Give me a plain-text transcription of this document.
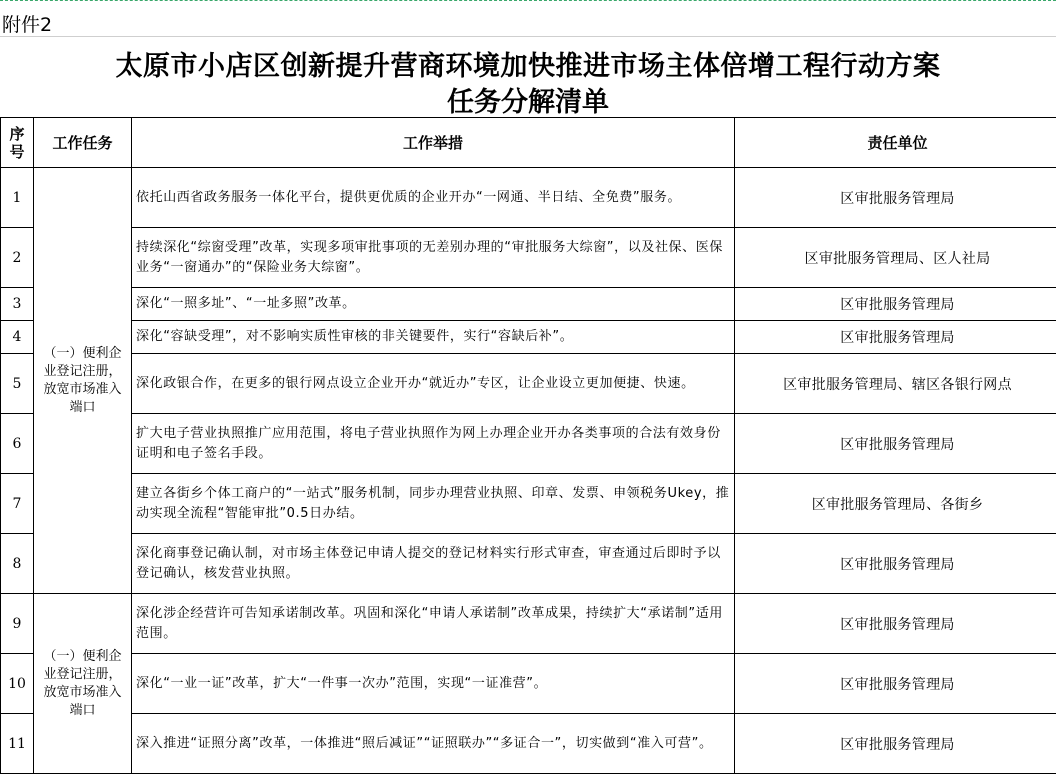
附件2
太原市小店区创新提升营商环境加快推进市场主体倍增工程行动方案
任务分解清单
序
号	工作任务	工作举措	责任单位
1	（一）便利企业登记注册，放宽市场准入端口	依托山西省政务服务一体化平台，提供更优质的企业开办“一网通、半日结、全免费”服务。	区审批服务管理局
2		持续深化“综窗受理”改革，实现多项审批事项的无差别办理的“审批服务大综窗”，以及社保、医保业务“一窗通办”的“保险业务大综窗”。	区审批服务管理局、区人社局
3		深化“一照多址”、“一址多照”改革。	区审批服务管理局
4		深化“容缺受理”，对不影响实质性审核的非关键要件，实行“容缺后补”。	区审批服务管理局
5		深化政银合作，在更多的银行网点设立企业开办“就近办”专区，让企业设立更加便捷、快速。	区审批服务管理局、辖区各银行网点
6		扩大电子营业执照推广应用范围，将电子营业执照作为网上办理企业开办各类事项的合法有效身份证明和电子签名手段。	区审批服务管理局
7		建立各街乡个体工商户的“一站式”服务机制，同步办理营业执照、印章、发票、申领税务Ukey，推动实现全流程“智能审批”0.5日办结。	区审批服务管理局、各街乡
8		深化商事登记确认制，对市场主体登记申请人提交的登记材料实行形式审查，审查通过后即时予以登记确认，核发营业执照。	区审批服务管理局
9	（一）便利企业登记注册，放宽市场准入端口	深化涉企经营许可告知承诺制改革。巩固和深化“申请人承诺制”改革成果，持续扩大“承诺制”适用范围。	区审批服务管理局
10		深化“一业一证”改革，扩大“一件事一次办”范围，实现“一证准营”。	区审批服务管理局
11		深入推进“证照分离”改革，一体推进“照后减证”“证照联办”“多证合一”，切实做到“准入可营”。	区审批服务管理局
